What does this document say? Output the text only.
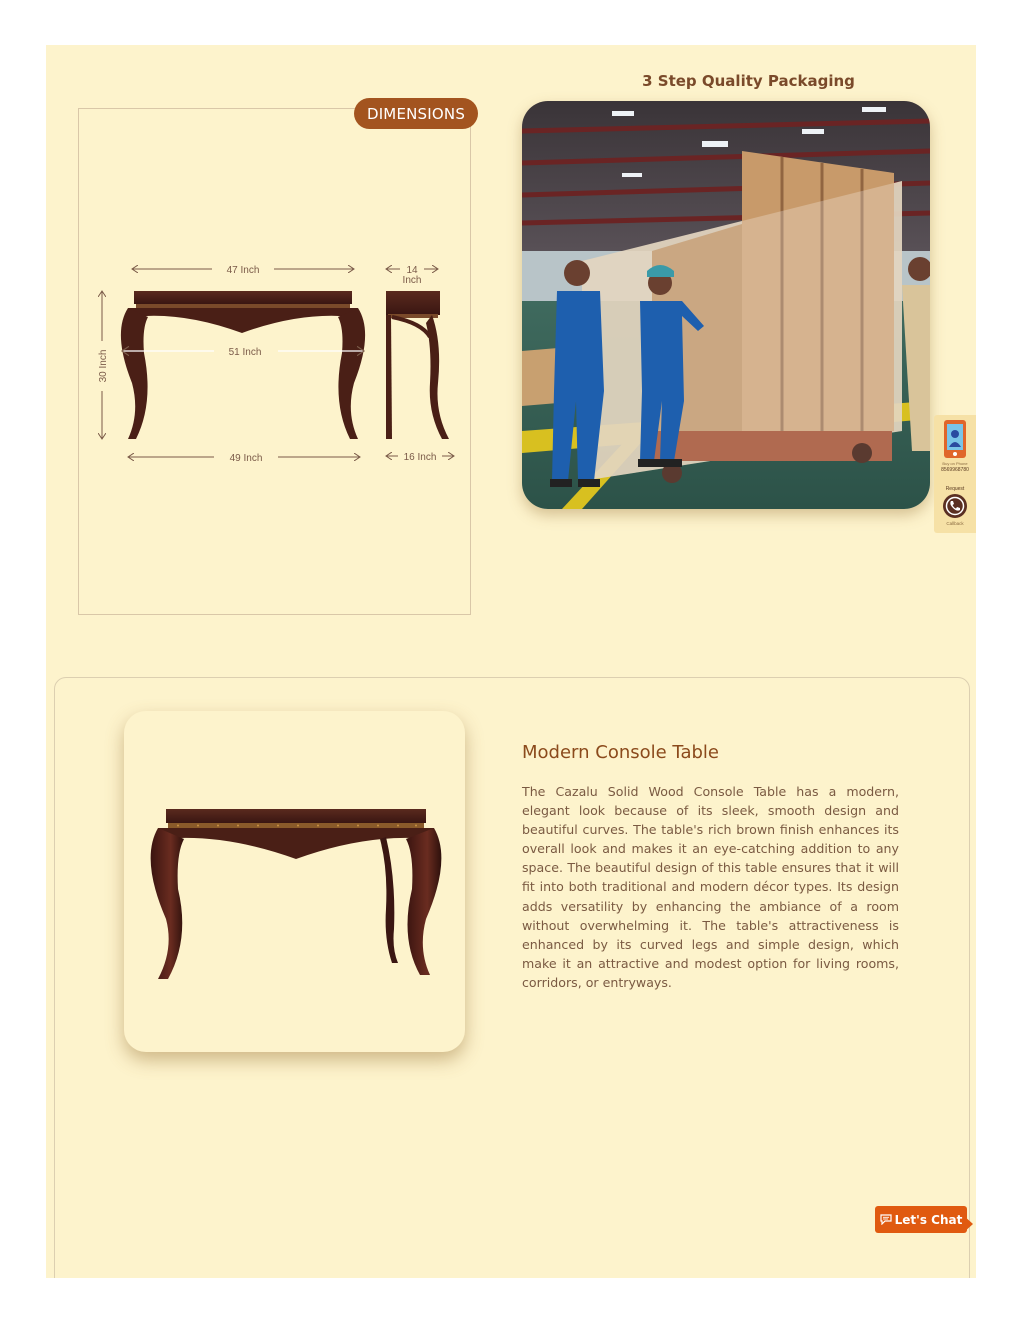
DIMENSIONS
47 Inch	14
Inch
30 Inch	51 Inch
49 Inch	16 Inch
3 Step Quality Packaging
Buy on Phone
8569968780
Request
Callback
Modern Console Table
The Cazalu Solid Wood Console Table has a modern, elegant look because of its sleek, smooth design and beautiful curves. The table's rich brown finish enhances its overall look and makes it an eye-catching addition to any space. The beautiful design of this table ensures that it will fit into both traditional and modern décor types. Its design adds versatility by enhancing the ambiance of a room without overwhelming it. The table's attractiveness is enhanced by its curved legs and simple design, which make it an attractive and modest option for living rooms, corridors, or entryways.
Let's Chat
